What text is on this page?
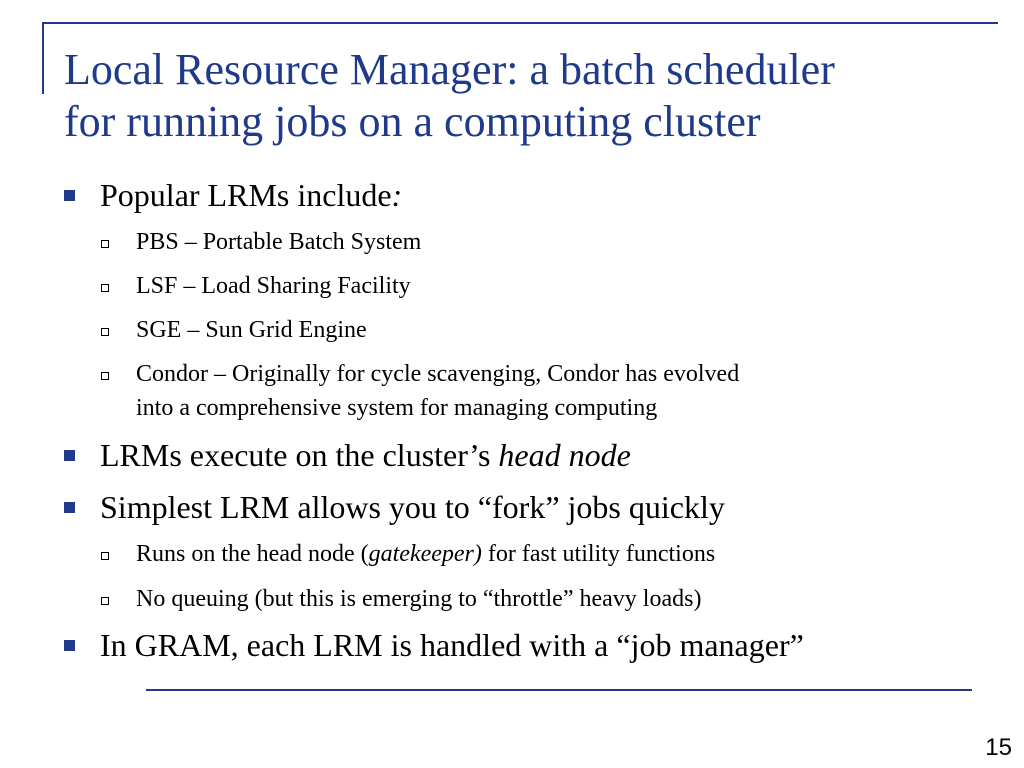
Local Resource Manager: a batch scheduler
for running jobs on a computing cluster
Popular LRMs include:
PBS – Portable Batch System
LSF – Load Sharing Facility
SGE – Sun Grid Engine
Condor – Originally for cycle scavenging, Condor has evolved
into a comprehensive system for managing computing
LRMs execute on the cluster’s head node
Simplest LRM allows you to “fork” jobs quickly
Runs on the head node (gatekeeper) for fast utility functions
No queuing (but this is emerging to “throttle” heavy loads)
In GRAM, each LRM is handled with a “job manager”
15
